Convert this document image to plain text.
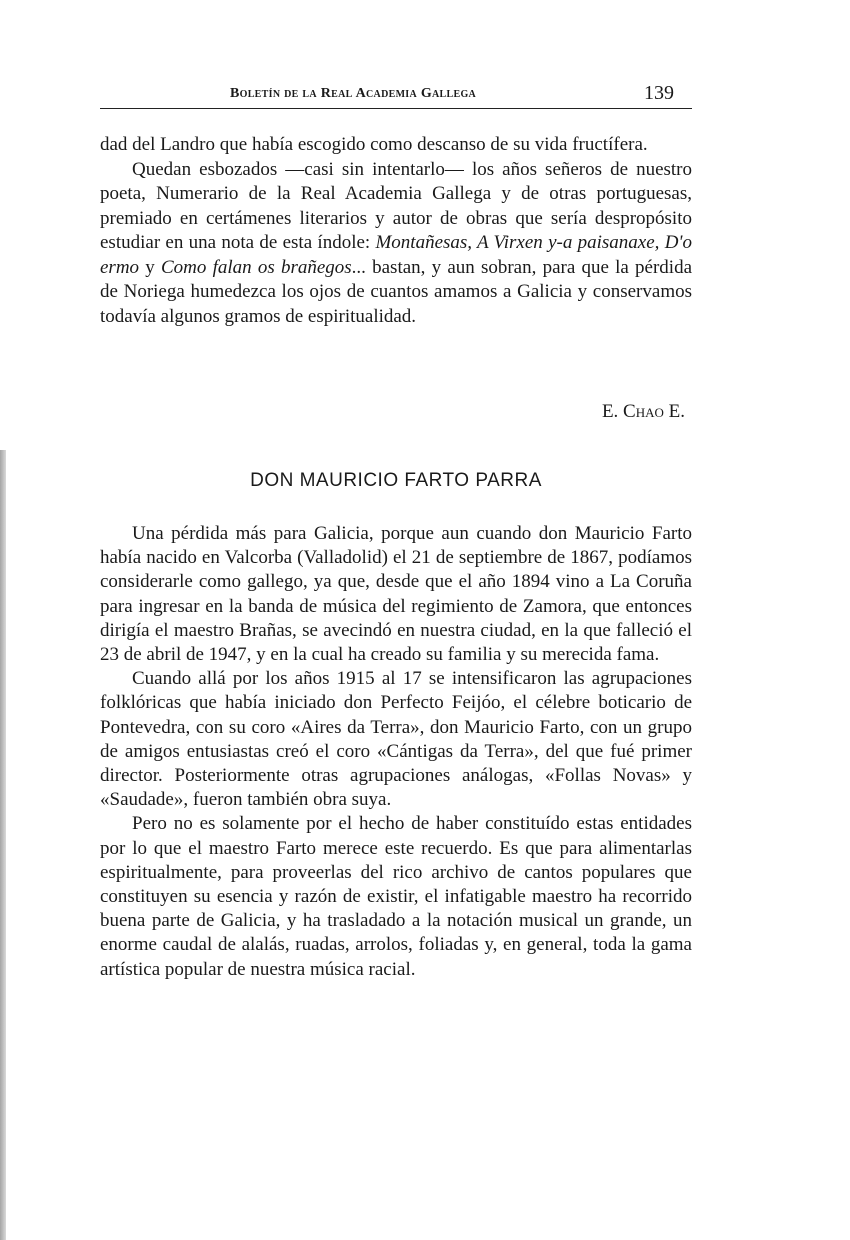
Boletín de la Real Academia Gallega	139

dad del Landro que había escogido como descanso de su vida fructífera.

Quedan esbozados —casi sin intentarlo— los años señeros de nuestro poeta, Numerario de la Real Academia Gallega y de otras portuguesas, premiado en certámenes literarios y autor de obras que sería despropósito estudiar en una nota de esta índole: Montañesas, A Virxen y-a paisanaxe, D'o ermo y Como falan os brañegos... bastan, y aun sobran, para que la pérdida de Noriega humedezca los ojos de cuantos amamos a Galicia y conservamos todavía algunos gramos de espiritualidad.

E. Chao E.
DON MAURICIO FARTO PARRA

Una pérdida más para Galicia, porque aun cuando don Mauricio Farto había nacido en Valcorba (Valladolid) el 21 de septiembre de 1867, podíamos considerarle como gallego, ya que, desde que el año 1894 vino a La Coruña para ingresar en la banda de música del regimiento de Zamora, que entonces dirigía el maestro Brañas, se avecindó en nuestra ciudad, en la que falleció el 23 de abril de 1947, y en la cual ha creado su familia y su merecida fama.

Cuando allá por los años 1915 al 17 se intensificaron las agrupaciones folklóricas que había iniciado don Perfecto Feijóo, el célebre boticario de Pontevedra, con su coro «Aires da Terra», don Mauricio Farto, con un grupo de amigos entusiastas creó el coro «Cántigas da Terra», del que fué primer director. Posteriormente otras agrupaciones análogas, «Follas Novas» y «Saudade», fueron también obra suya.

Pero no es solamente por el hecho de haber constituído estas entidades por lo que el maestro Farto merece este recuerdo. Es que para alimentarlas espiritualmente, para proveerlas del rico archivo de cantos populares que constituyen su esencia y razón de existir, el infatigable maestro ha recorrido buena parte de Galicia, y ha trasladado a la notación musical un grande, un enorme caudal de alalás, ruadas, arrolos, foliadas y, en general, toda la gama artística popular de nuestra música racial.
